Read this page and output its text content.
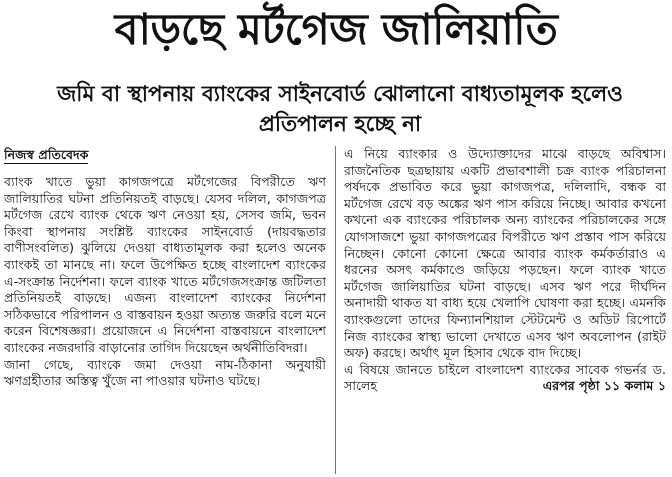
বাড়ছে মর্টগেজ জালিয়াতি
জমি বা স্থাপনায় ব্যাংকের সাইনবোর্ড ঝোলানো বাধ্যতামূলক হলেও প্রতিপালন হচ্ছে না
নিজস্ব প্রতিবেদক

ব্যাংক খাতে ভুয়া কাগজপত্রে মর্টগেজের বিপরীতে ঋণ জালিয়াতির ঘটনা প্রতিনিয়তই বাড়ছে। যেসব দলিল, কাগজপত্র মর্টগেজ রেখে ব্যাংক থেকে ঋণ নেওয়া হয়, সেসব জমি, ভবন কিংবা স্থাপনায় সংশ্লিষ্ট ব্যাংকের সাইনবোর্ড (দায়বদ্ধতার বাণীসংবলিত) ঝুলিয়ে দেওয়া বাধ্যতামূলক করা হলেও অনেক ব্যাংকই তা মানছে না। ফলে উপেক্ষিত হচ্ছে বাংলাদেশ ব্যাংকের এ-সংক্রান্ত নির্দেশনা। ফলে ব্যাংক খাতে মর্টগেজসংক্রান্ত জটিলতা প্রতিনিয়তই বাড়ছে। এজন্য বাংলাদেশ ব্যাংকের নির্দেশনা সঠিকভাবে পরিপালন ও বাস্তবায়ন হওয়া অত্যন্ত জরুরি বলে মনে করেন বিশেষজ্ঞরা। প্রয়োজনে এ নির্দেশনা বাস্তবায়নে বাংলাদেশ ব্যাংকের নজরদারি বাড়ানোর তাগিদ দিয়েছেন অর্থনীতিবিদরা।

জানা গেছে, ব্যাংকে জমা দেওয়া নাম-ঠিকানা অনুযায়ী ঋণগ্রহীতার অস্তিত্ব খুঁজে না পাওয়ার ঘটনাও ঘটছে।

এ নিয়ে ব্যাংকার ও উদ্যোক্তাদের মাঝে বাড়ছে অবিশ্বাস। রাজনৈতিক ছত্রছায়ায় একটি প্রভাবশালী চক্র ব্যাংক পরিচালনা পর্ষদকে প্রভাবিত করে ভুয়া কাগজপত্র, দলিলাদি, বন্ধক বা মর্টগেজ রেখে বড় অঙ্কের ঋণ পাস করিয়ে নিচ্ছে। আবার কখনো কখনো এক ব্যাংকের পরিচালক অন্য ব্যাংকের পরিচালকের সঙ্গে যোগসাজশে ভুয়া কাগজপত্রের বিপরীতে ঋণ প্রস্তাব পাস করিয়ে নিচ্ছেন। কোনো কোনো ক্ষেত্রে আবার ব্যাংক কর্মকর্তারাও এ ধরনের অসৎ কর্মকাণ্ডে জড়িয়ে পড়ছেন। ফলে ব্যাংক খাতে মর্টগেজ জালিয়াতির ঘটনা বাড়ছে। এসব ঋণ পরে দীর্ঘদিন অনাদায়ী থাকত যা বাধ্য হয়ে খেলাপি ঘোষণা করা হচ্ছে। এমনকি ব্যাংকগুলো তাদের ফিন্যানশিয়াল স্টেটমেন্ট ও অডিট রিপোর্টে নিজ ব্যাংকের স্বাস্থ্য ভালো দেখাতে এসব ঋণ অবলোপন (রাইট অফ) করছে। অর্থাৎ মূল হিসাব থেকে বাদ দিচ্ছে।

এ বিষয়ে জানতে চাইলে বাংলাদেশ ব্যাংকের সাবেক গভর্নর ড. সালেহ	এরপর পৃষ্ঠা ১১ কলাম ১
